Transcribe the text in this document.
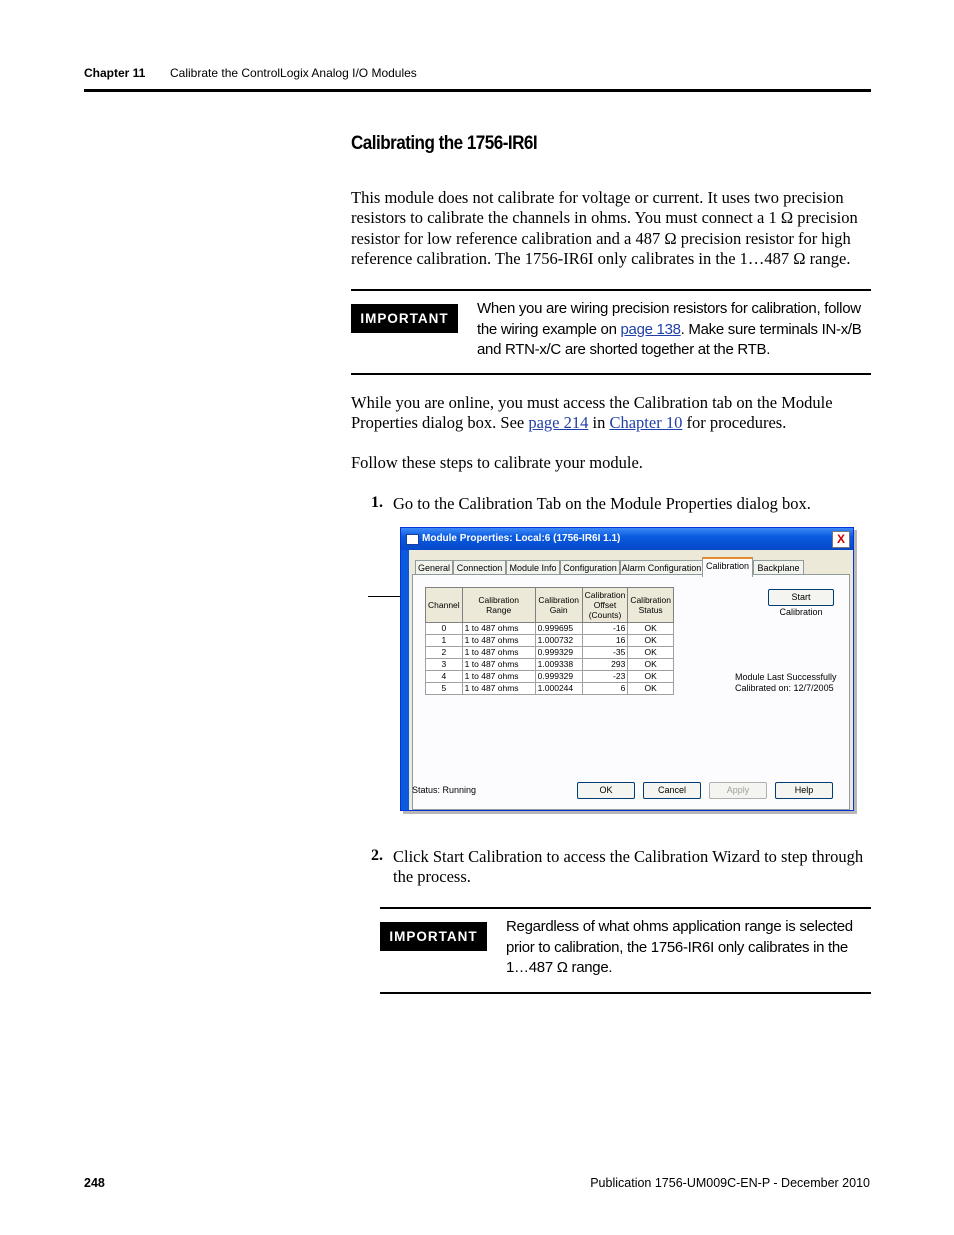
Chapter 11 Calibrate the ControlLogix Analog I/O Modules
Calibrating the 1756-IR6I
This module does not calibrate for voltage or current. It uses two precision
resistors to calibrate the channels in ohms. You must connect a 1 Ω precision
resistor for low reference calibration and a 487 Ω precision resistor for high
reference calibration. The 1756-IR6I only calibrates in the 1…487 Ω range.
IMPORTANT
When you are wiring precision resistors for calibration, follow
the wiring example on page 138. Make sure terminals IN-x/B
and RTN-x/C are shorted together at the RTB.
While you are online, you must access the Calibration tab on the Module
Properties dialog box. See page 214 in Chapter 10 for procedures.
Follow these steps to calibrate your module.
1. Go to the Calibration Tab on the Module Properties dialog box.
Module Properties: Local:6 (1756-IR6I 1.1)	X
General Connection Module Info Configuration Alarm Configuration Calibration Backplane
Channel	Calibration Range	Calibration Gain	Calibration Offset (Counts)	Calibration Status
0	1 to 487 ohms	0.999695	-16	OK
1	1 to 487 ohms	1.000732	16	OK
2	1 to 487 ohms	0.999329	-35	OK
3	1 to 487 ohms	1.009338	293	OK
4	1 to 487 ohms	0.999329	-23	OK
5	1 to 487 ohms	1.000244	6	OK
Start Calibration
Module Last Successfully
Calibrated on: 12/7/2005
Status: Running	OK	Cancel	Apply	Help
2. Click Start Calibration to access the Calibration Wizard to step through
the process.
IMPORTANT
Regardless of what ohms application range is selected
prior to calibration, the 1756-IR6I only calibrates in the
1…487 Ω range.
248	Publication 1756-UM009C-EN-P - December 2010
